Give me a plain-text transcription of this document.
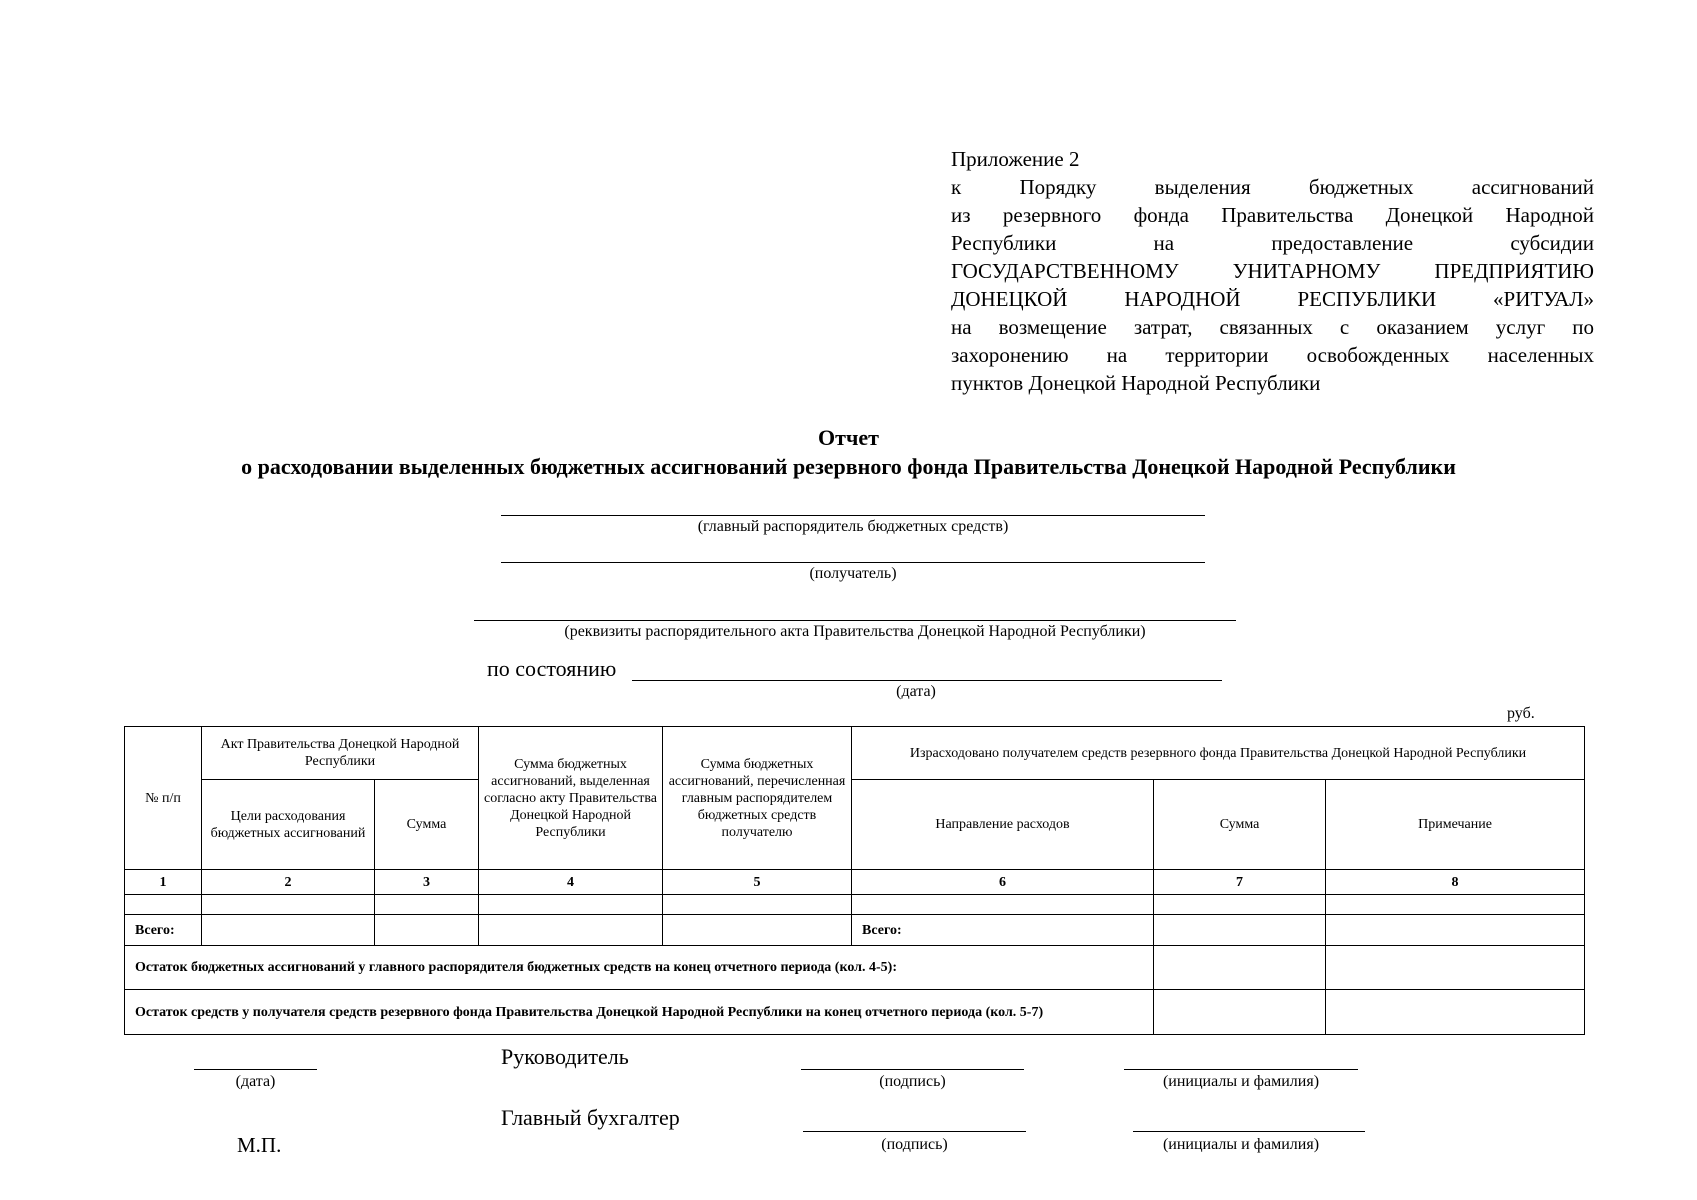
Приложение 2
к Порядку выделения бюджетных ассигнований
из резервного фонда Правительства Донецкой Народной
Республики на предоставление субсидии
ГОСУДАРСТВЕННОМУ УНИТАРНОМУ ПРЕДПРИЯТИЮ
ДОНЕЦКОЙ НАРОДНОЙ РЕСПУБЛИКИ «РИТУАЛ»
на возмещение затрат, связанных с оказанием услуг по
захоронению на территории освобожденных населенных
пунктов Донецкой Народной Республики
Отчет
о расходовании выделенных бюджетных ассигнований резервного фонда Правительства Донецкой Народной Республики
(главный распорядитель бюджетных средств)
(получатель)
(реквизиты распорядительного акта Правительства Донецкой Народной Республики)
по состоянию
(дата)
руб.
№ п/п	Акт Правительства Донецкой Народной Республики		Сумма бюджетных ассигнований, выделенная согласно акту Правительства Донецкой Народной Республики	Сумма бюджетных ассигнований, перечисленная главным распорядителем бюджетных средств получателю	Израсходовано получателем средств резервного фонда Правительства Донецкой Народной Республики		
	Цели расходования бюджетных ассигнований	Сумма			Направление расходов	Сумма	Примечание
1	2	3	4	5	6	7	8

Всего:					Всего:		
Остаток бюджетных ассигнований у главного распорядителя бюджетных средств на конец отчетного периода (кол. 4-5):							
Остаток средств у получателя средств резервного фонда Правительства Донецкой Народной Республики на конец отчетного периода (кол. 5-7)							
(дата)
Руководитель
(подпись)	(инициалы и фамилия)
Главный бухгалтер
(подпись)	(инициалы и фамилия)
М.П.
